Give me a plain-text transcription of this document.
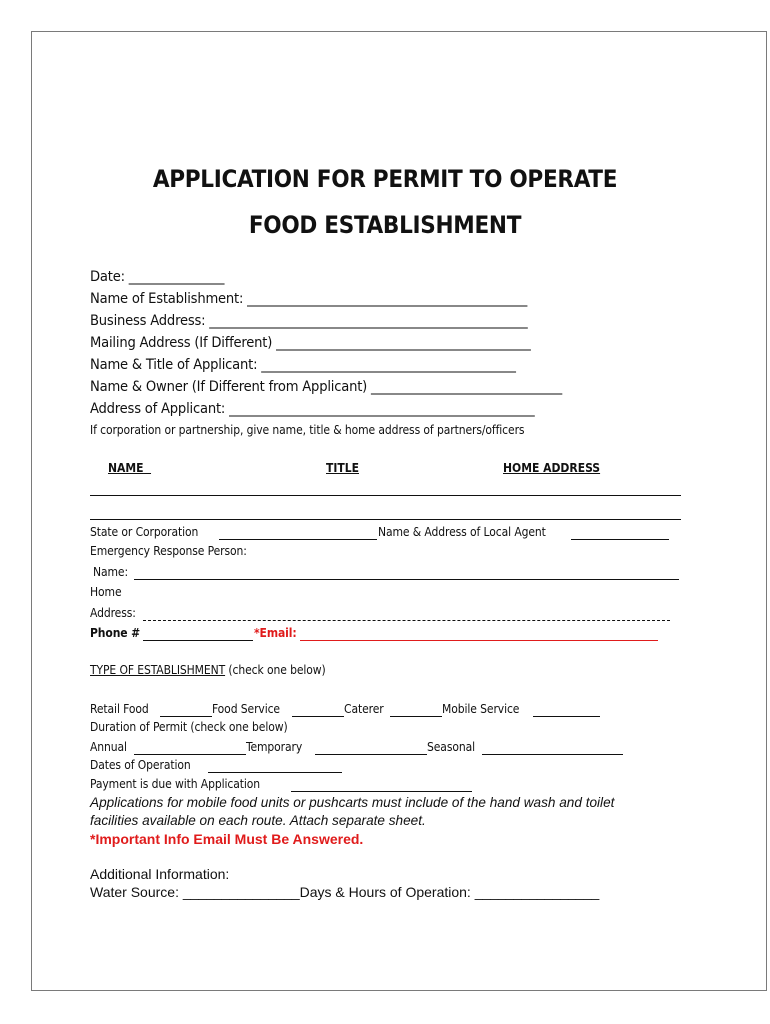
APPLICATION FOR PERMIT TO OPERATE
FOOD ESTABLISHMENT
Date: _______________
Name of Establishment: ____________________________________________
Business Address: __________________________________________________
Mailing Address (If Different) ________________________________________
Name & Title of Applicant: ________________________________________
Name & Owner (If Different from Applicant) ______________________________
Address of Applicant: ________________________________________________
If corporation or partnership, give name, title & home address of partners/officers
NAME	TITLE	HOME ADDRESS
State or Corporation	Name & Address of Local Agent
Emergency Response Person:
Name:
Home
Address:
Phone #	*Email:
TYPE OF ESTABLISHMENT (check one below)
Retail Food	Food Service	Caterer	Mobile Service
Duration of Permit (check one below)
Annual	Temporary	Seasonal
Dates of Operation
Payment is due with Application
Applications for mobile food units or pushcarts must include of the hand wash and toilet
facilities available on each route. Attach separate sheet.
*Important Info Email Must Be Answered.
Additional Information:
Water Source: _______________Days & Hours of Operation: ________________
